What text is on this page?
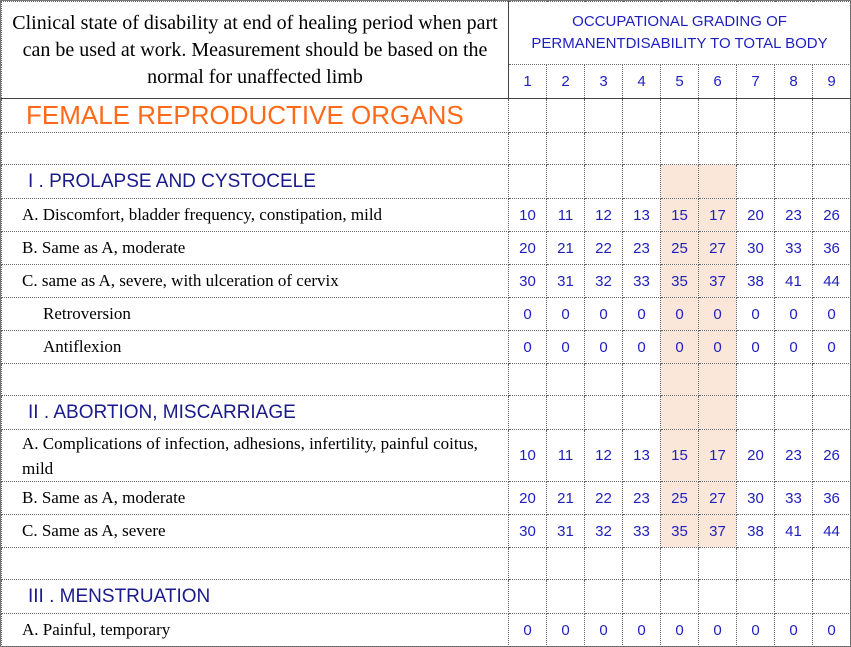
Clinical state of disability at end of healing period when part can be used at work. Measurement should be based on the normal for unaffected limb	OCCUPATIONAL GRADING OF
PERMANENTDISABILITY TO TOTAL BODY								

	1	2	3	4	5	6	7	8	9
FEMALE REPRODUCTIVE ORGANS									

I . PROLAPSE AND CYSTOCELE									
A. Discomfort, bladder frequency, constipation, mild	10	11	12	13	15	17	20	23	26
B. Same as A, moderate	20	21	22	23	25	27	30	33	36
C. same as A, severe, with ulceration of cervix	30	31	32	33	35	37	38	41	44
Retroversion	0	0	0	0	0	0	0	0	0
Antiflexion	0	0	0	0	0	0	0	0	0

II . ABORTION, MISCARRIAGE									
A. Complications of infection, adhesions, infertility, painful coitus, mild	10	11	12	13	15	17	20	23	26
B. Same as A, moderate	20	21	22	23	25	27	30	33	36
C. Same as A, severe	30	31	32	33	35	37	38	41	44

III . MENSTRUATION									
A. Painful, temporary	0	0	0	0	0	0	0	0	0
